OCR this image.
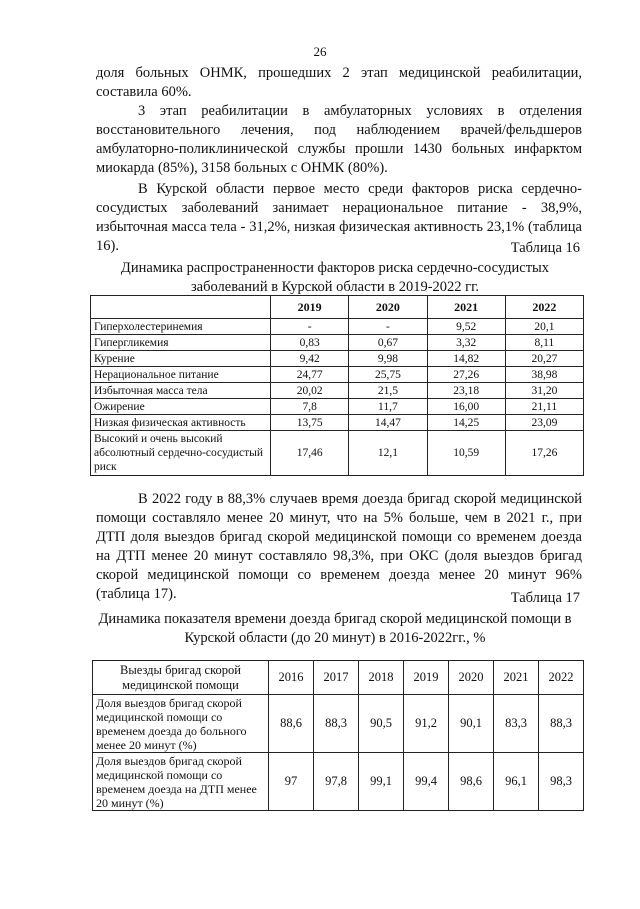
26
доля больных ОНМК, прошедших 2 этап медицинской реабилитации, составила 60%.
3 этап реабилитации в амбулаторных условиях в отделения восстановительного лечения, под наблюдением врачей/фельдшеров амбулаторно-поликлинической службы прошли 1430 больных инфарктом миокарда (85%), 3158 больных с ОНМК (80%).
В Курской области первое место среди факторов риска сердечно-сосудистых заболеваний занимает нерациональное питание - 38,9%, избыточная масса тела - 31,2%, низкая физическая активность 23,1% (таблица 16).	Таблица 16
Динамика распространенности факторов риска сердечно-сосудистых заболеваний в Курской области в 2019-2022 гг.
	2019	2020	2021	2022
Гиперхолестеринемия	-	-	9,52	20,1
Гипергликемия	0,83	0,67	3,32	8,11
Курение	9,42	9,98	14,82	20,27
Нерациональное питание	24,77	25,75	27,26	38,98
Избыточная масса тела	20,02	21,5	23,18	31,20
Ожирение	7,8	11,7	16,00	21,11
Низкая физическая активность	13,75	14,47	14,25	23,09
Высокий и очень высокий абсолютный сердечно-сосудистый риск	17,46	12,1	10,59	17,26
В 2022 году в 88,3% случаев время доезда бригад скорой медицинской помощи составляло менее 20 минут, что на 5% больше, чем в 2021 г., при ДТП доля выездов бригад скорой медицинской помощи со временем доезда на ДТП менее 20 минут составляло 98,3%, при ОКС (доля выездов бригад скорой медицинской помощи со временем доезда менее 20 минут 96% (таблица 17).	Таблица 17
Динамика показателя времени доезда бригад скорой медицинской помощи в Курской области (до 20 минут) в 2016-2022гг., %
Выезды бригад скорой медицинской помощи	2016	2017	2018	2019	2020	2021	2022
Доля выездов бригад скорой медицинской помощи со временем доезда до больного менее 20 минут (%)	88,6	88,3	90,5	91,2	90,1	83,3	88,3
Доля выездов бригад скорой медицинской помощи со временем доезда на ДТП менее 20 минут (%)	97	97,8	99,1	99,4	98,6	96,1	98,3
